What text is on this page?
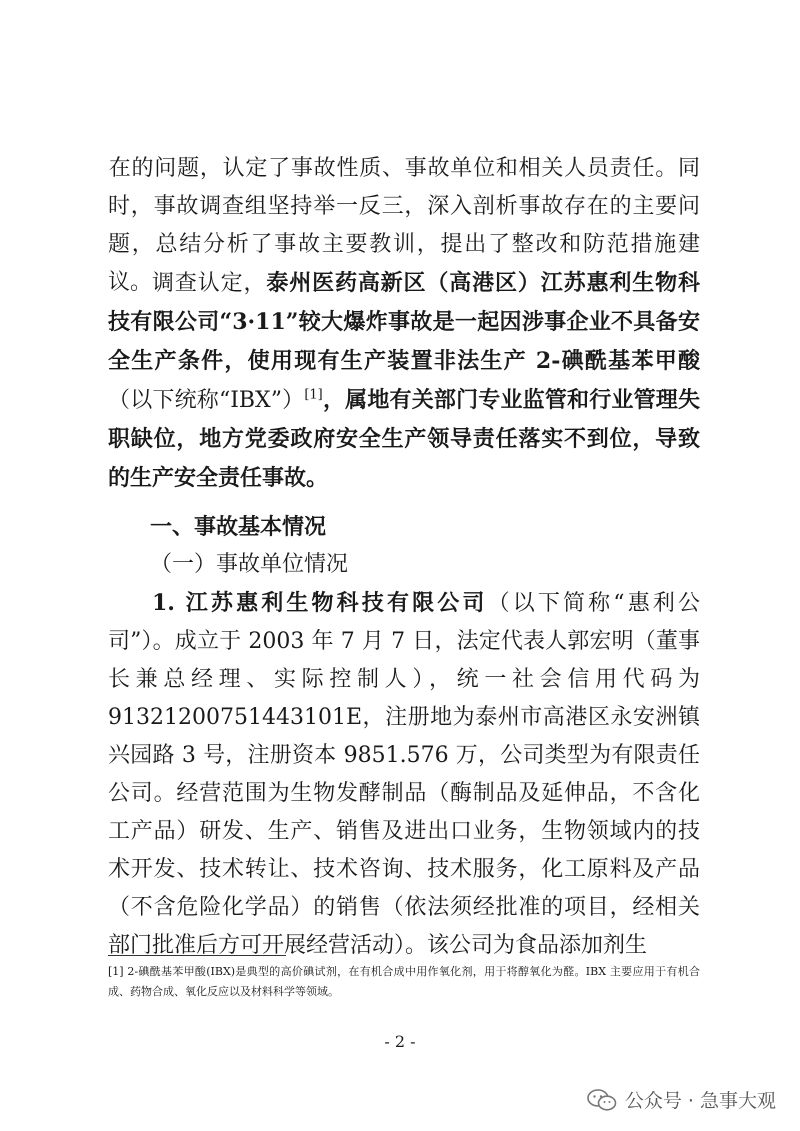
在的问题，认定了事故性质、事故单位和相关人员责任。同时，事故调查组坚持举一反三，深入剖析事故存在的主要问题，总结分析了事故主要教训，提出了整改和防范措施建议。 调查认定，泰州医药高新区（高港区）江苏惠利生物科技有限公司“3·11”较大爆炸事故是一起因涉事企业不具备安全生产条件，使用现有生产装置非法生产 2-碘酰基苯甲酸（以下统称“IBX”）[1]，属地有关部门专业监管和行业管理失职缺位，地方党委政府安全生产领导责任落实不到位，导致的生产安全责任事故。

一、事故基本情况

（一）事故单位情况

1. 江苏惠利生物科技有限公司（以下简称“惠利公司”）。成立于 2003 年 7 月 7 日，法定代表人郭宏明（董事长兼总经理、实际控制人），统一社会信用代码为 91321200751443101E，注册地为泰州市高港区永安洲镇兴园路 3 号，注册资本 9851.576 万，公司类型为有限责任公司。经营范围为生物发酵制品（酶制品及延伸品，不含化工产品）研发、生产、销售及进出口业务，生物领域内的技术开发、技术转让、技术咨询、技术服务，化工原料及产品（不含危险化学品）的销售（依法须经批准的项目，经相关部门批准后方可开展经营活动）。该公司为食品添加剂生

[1] 2-碘酰基苯甲酸(IBX)是典型的高价碘试剂，在有机合成中用作氧化剂，用于将醇氧化为醛。IBX 主要应用于有机合成、药物合成、氧化反应以及材料科学等领域。

- 2 -
公众号 · 急事大观
